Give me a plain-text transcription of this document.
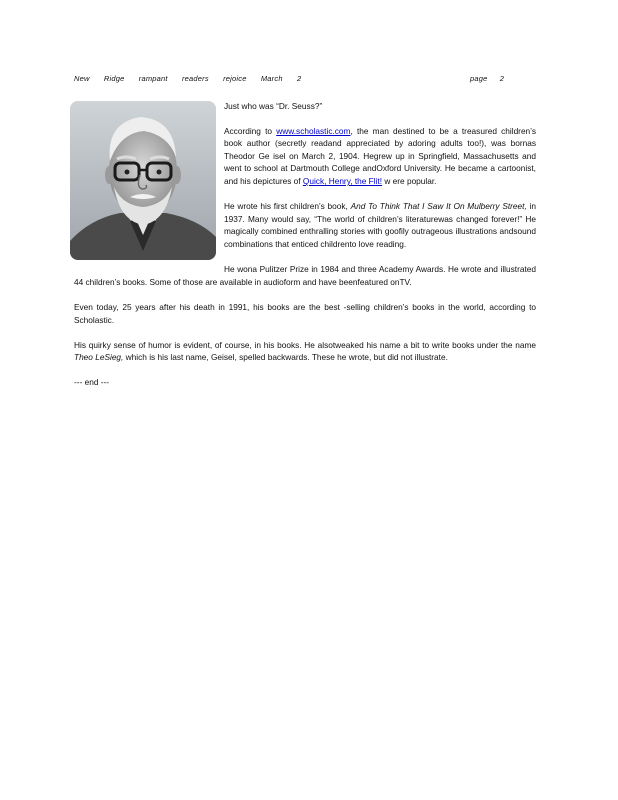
New Ridge rampant readers rejoice March 2	page 2

Just who was “Dr. Seuss?”

According to www.scholastic.com, the man destined to be a treasured children’s book author (secretly readand appreciated by adoring adults too!), was bornas Theodor Ge isel on March 2, 1904. Hegrew up in Springfield, Massachusetts and went to school at Dartmouth College andOxford University. He became a cartoonist, and his depictures of Quick, Henry, the Flit! w ere popular.

He wrote his first children’s book, And To Think That I Saw It On Mulberry Street, in 1937. Many would say, “The world of children’s literaturewas changed forever!” He magically combined enthralling stories with goofily outrageous illustrations andsound combinations that enticed childrento love reading.

He wona Pulitzer Prize in 1984 and three Academy Awards. He wrote and illustrated 44 children’s books. Some of those are available in audioform and have beenfeatured onTV.

Even today, 25 years after his death in 1991, his books are the best -selling children’s books in the world, according to Scholastic.

His quirky sense of humor is evident, of course, in his books. He alsotweaked his name a bit to write books under the name Theo LeSieg, which is his last name, Geisel, spelled backwards. These he wrote, but did not illustrate.

--- end ---
